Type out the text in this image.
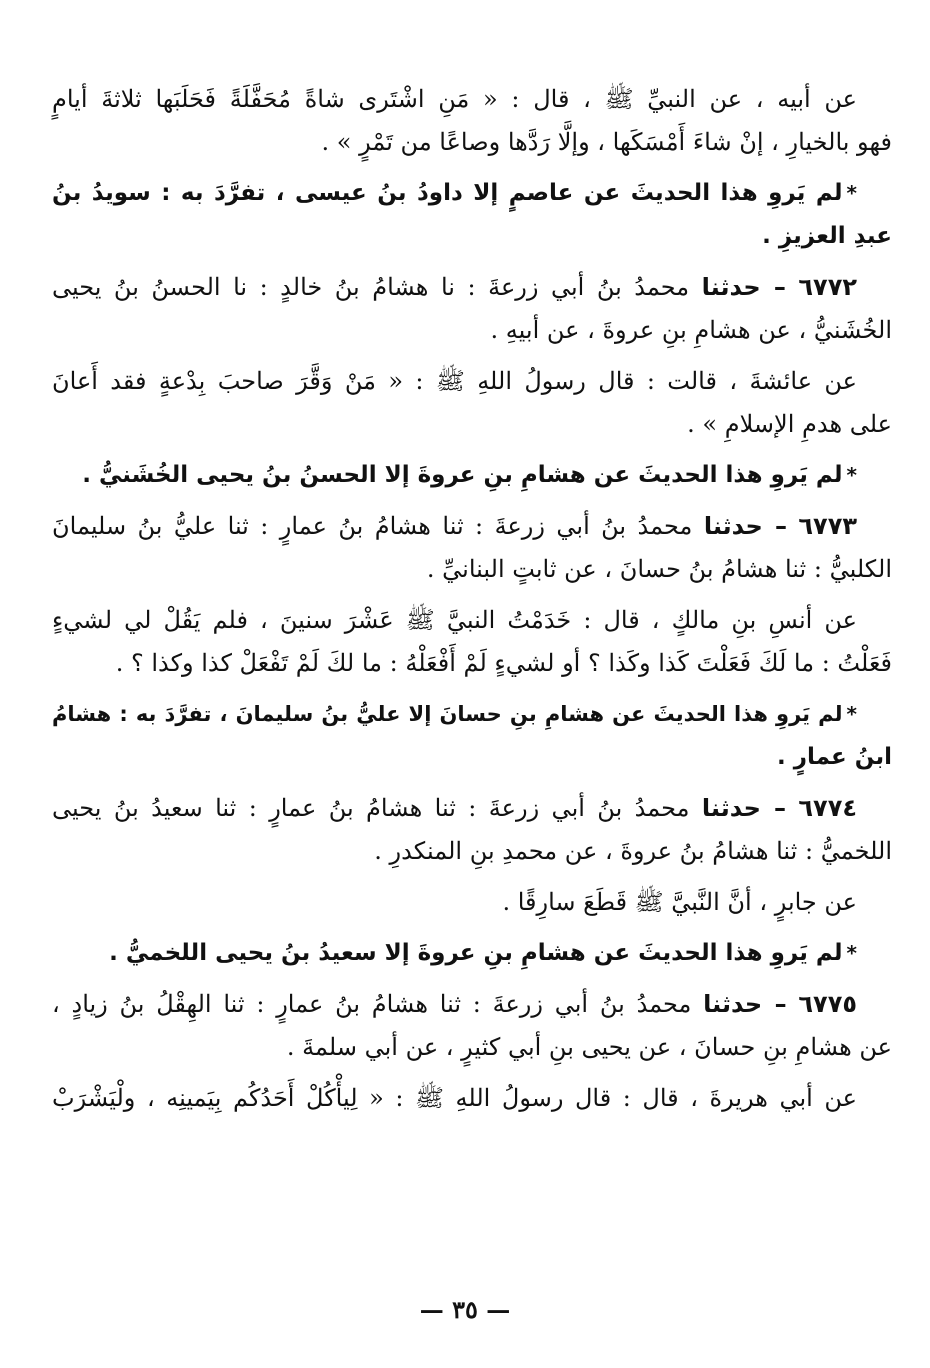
عن أبيه ، عن النبيِّ ﷺ ، قال : « مَنِ اشْتَرى شاةً مُحَفَّلَةً فَحَلَبَها ثلاثةَ أيامٍ

فهو بالخيارِ ، إنْ شاءَ أَمْسَكَها ، وإلَّا رَدَّها وصاعًا من تَمْرٍ » .

*لم يَروِ هذا الحديثَ عن عاصمٍ إلا داودُ بنُ عيسى ، تفرَّدَ به : سويدُ بنُ

عبدِ العزيزِ .

٦٧٧٢ – حدثنا محمدُ بنُ أبي زرعةَ : نا هشامُ بنُ خالدٍ : نا الحسنُ بنُ يحيى

الخُشَنيُّ ، عن هشامِ بنِ عروةَ ، عن أبيهِ .

عن عائشةَ ، قالت : قال رسولُ اللهِ ﷺ : « مَنْ وَقَّرَ صاحبَ بِدْعةٍ فقد أَعانَ

على هدمِ الإسلامِ » .

*لم يَروِ هذا الحديثَ عن هشامِ بنِ عروةَ إلا الحسنُ بنُ يحيى الخُشَنيُّ .

٦٧٧٣ – حدثنا محمدُ بنُ أبي زرعةَ : ثنا هشامُ بنُ عمارٍ : ثنا عليُّ بنُ سليمانَ

الكلبيُّ : ثنا هشامُ بنُ حسانَ ، عن ثابتٍ البنانيِّ .

عن أنسِ بنِ مالكٍ ، قال : خَدَمْتُ النبيَّ ﷺ عَشْرَ سنينَ ، فلم يَقُلْ لي لشيءٍ

فَعَلْتُ : ما لَكَ فَعَلْتَ كَذا وكَذا ؟ أو لشيءٍ لَمْ أَفْعَلْهُ : ما لكَ لَمْ تَفْعَلْ كذا وكذا ؟ .

*لم يَروِ هذا الحديثَ عن هشامِ بنِ حسانَ إلا عليُّ بنُ سليمانَ ، تفرَّدَ به : هشامُ

ابنُ عمارٍ .

٦٧٧٤ – حدثنا محمدُ بنُ أبي زرعةَ : ثنا هشامُ بنُ عمارٍ : ثنا سعيدُ بنُ يحيى

اللخميُّ : ثنا هشامُ بنُ عروةَ ، عن محمدِ بنِ المنكدرِ .

عن جابرٍ ، أنَّ النَّبيَّ ﷺ قَطَعَ سارِقًا .

*لم يَروِ هذا الحديثَ عن هشامِ بنِ عروةَ إلا سعيدُ بنُ يحيى اللخميُّ .

٦٧٧٥ – حدثنا محمدُ بنُ أبي زرعةَ : ثنا هشامُ بنُ عمارٍ : ثنا الهِقْلُ بنُ زيادٍ ،

عن هشامِ بنِ حسانَ ، عن يحيى بنِ أبي كثيرٍ ، عن أبي سلمةَ .

عن أبي هريرةَ ، قال : قال رسولُ اللهِ ﷺ : « لِيأْكُلْ أَحَدُكُم بِيَمينِه ، ولْيَشْرَبْ

— ٣٥ —
